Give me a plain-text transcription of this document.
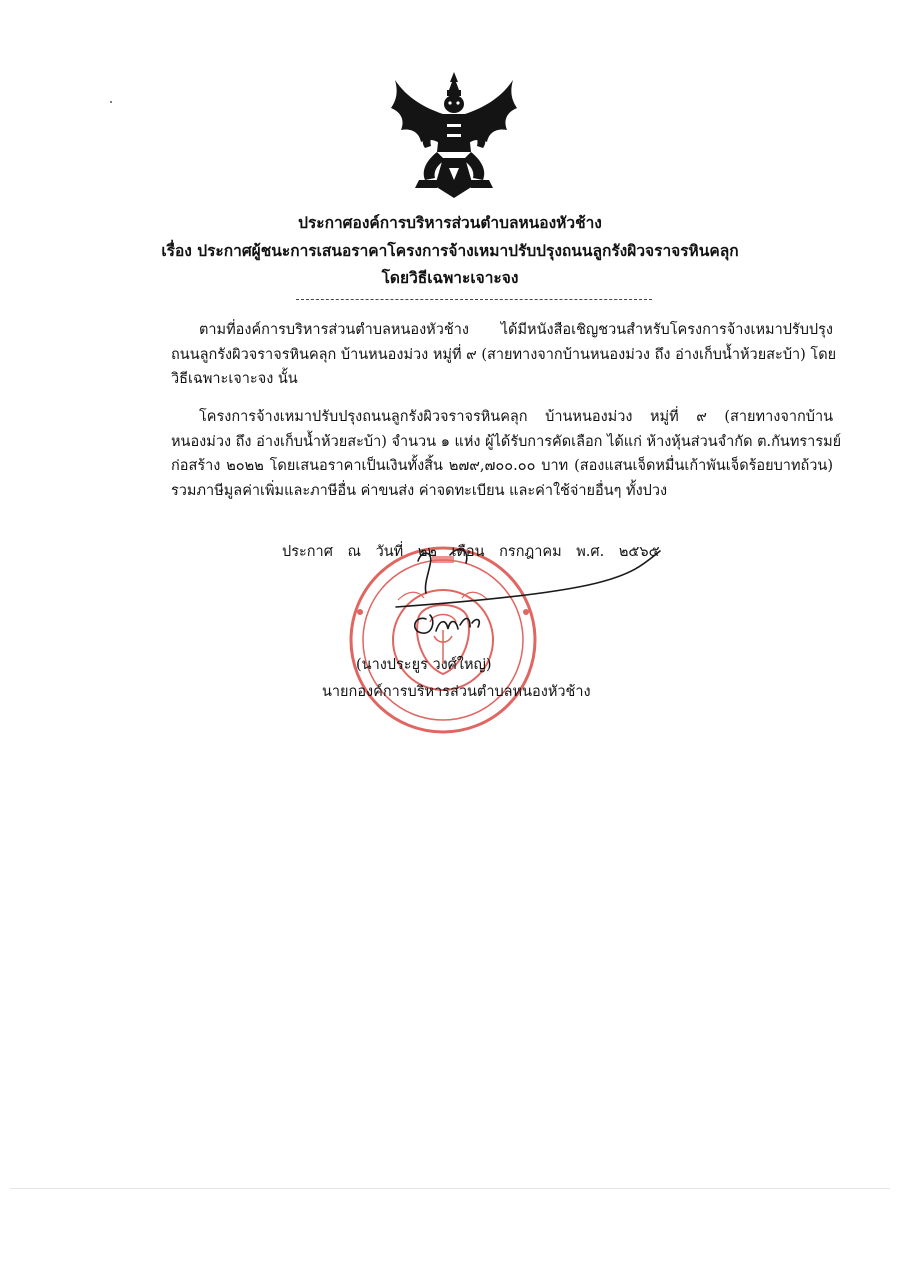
ประกาศองค์การบริหารส่วนตำบลหนองหัวช้าง
เรื่อง ประกาศผู้ชนะการเสนอราคาโครงการจ้างเหมาปรับปรุงถนนลูกรังผิวจราจรหินคลุก
โดยวิธีเฉพาะเจาะจง
ตามที่องค์การบริหารส่วนตำบลหนองหัวช้าง ได้มีหนังสือเชิญชวนสำหรับโครงการจ้างเหมาปรับปรุง
ถนนลูกรังผิวจราจรหินคลุก บ้านหนองม่วง หมู่ที่ ๙ (สายทางจากบ้านหนองม่วง ถึง อ่างเก็บน้ำห้วยสะบ้า) โดย
วิธีเฉพาะเจาะจง นั้น
โครงการจ้างเหมาปรับปรุงถนนลูกรังผิวจราจรหินคลุก บ้านหนองม่วง หมู่ที่ ๙ (สายทางจากบ้าน
หนองม่วง ถึง อ่างเก็บน้ำห้วยสะบ้า) จำนวน ๑ แห่ง ผู้ได้รับการคัดเลือก ได้แก่ ห้างหุ้นส่วนจำกัด ต.กันทรารมย์
ก่อสร้าง ๒๐๒๒ โดยเสนอราคาเป็นเงินทั้งสิ้น ๒๗๙,๗๐๐.๐๐ บาท (สองแสนเจ็ดหมื่นเก้าพันเจ็ดร้อยบาทถ้วน)
รวมภาษีมูลค่าเพิ่มและภาษีอื่น ค่าขนส่ง ค่าจดทะเบียน และค่าใช้จ่ายอื่นๆ ทั้งปวง
ประกาศ ณ วันที่ ๒๒ เดือน กรกฎาคม พ.ศ. ๒๕๖๕
(นางประยูร วงศ์ใหญ่)
นายกองค์การบริหารส่วนตำบลหนองหัวช้าง
